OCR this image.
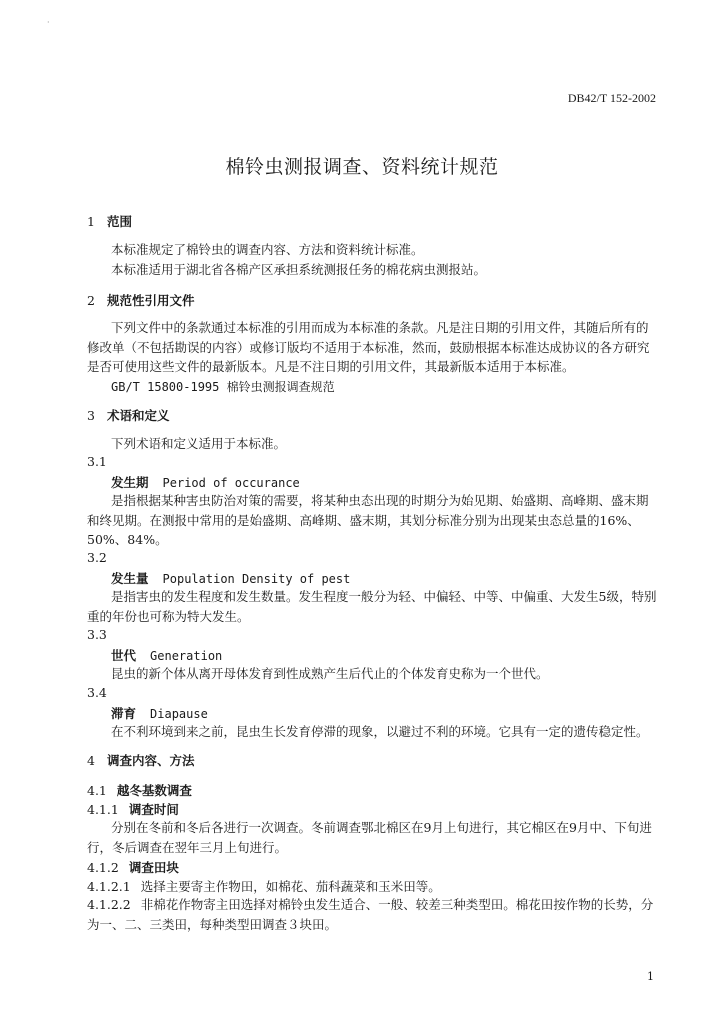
·
DB42/T 152-2002
棉铃虫测报调查、资料统计规范
1 范围
本标准规定了棉铃虫的调查内容、方法和资料统计标准。
本标准适用于湖北省各棉产区承担系统测报任务的棉花病虫测报站。
2 规范性引用文件
下列文件中的条款通过本标准的引用而成为本标准的条款。凡是注日期的引用文件，其随后所有的修改单（不包括勘误的内容）或修订版均不适用于本标准，然而，鼓励根据本标准达成协议的各方研究是否可使用这些文件的最新版本。凡是不注日期的引用文件，其最新版本适用于本标准。
GB/T 15800-1995 棉铃虫测报调查规范
3 术语和定义
下列术语和定义适用于本标准。
3.1
发生期 Period of occurance
是指根据某种害虫防治对策的需要，将某种虫态出现的时期分为始见期、始盛期、高峰期、盛末期和终见期。在测报中常用的是始盛期、高峰期、盛末期，其划分标准分别为出现某虫态总量的16%、50%、84%。
3.2
发生量 Population Density of pest
是指害虫的发生程度和发生数量。发生程度一般分为轻、中偏轻、中等、中偏重、大发生5级，特别重的年份也可称为特大发生。
3.3
世代 Generation
昆虫的新个体从离开母体发育到性成熟产生后代止的个体发育史称为一个世代。
3.4
滞育 Diapause
在不利环境到来之前，昆虫生长发育停滞的现象，以避过不利的环境。它具有一定的遗传稳定性。
4 调查内容、方法
4.1 越冬基数调查
4.1.1 调查时间
分别在冬前和冬后各进行一次调查。冬前调查鄂北棉区在9月上旬进行，其它棉区在9月中、下旬进行，冬后调查在翌年三月上旬进行。
4.1.2 调查田块
4.1.2.1 选择主要寄主作物田，如棉花、茄科蔬菜和玉米田等。
4.1.2.2 非棉花作物寄主田选择对棉铃虫发生适合、一般、较差三种类型田。棉花田按作物的长势，分为一、二、三类田，每种类型田调查３块田。
1
